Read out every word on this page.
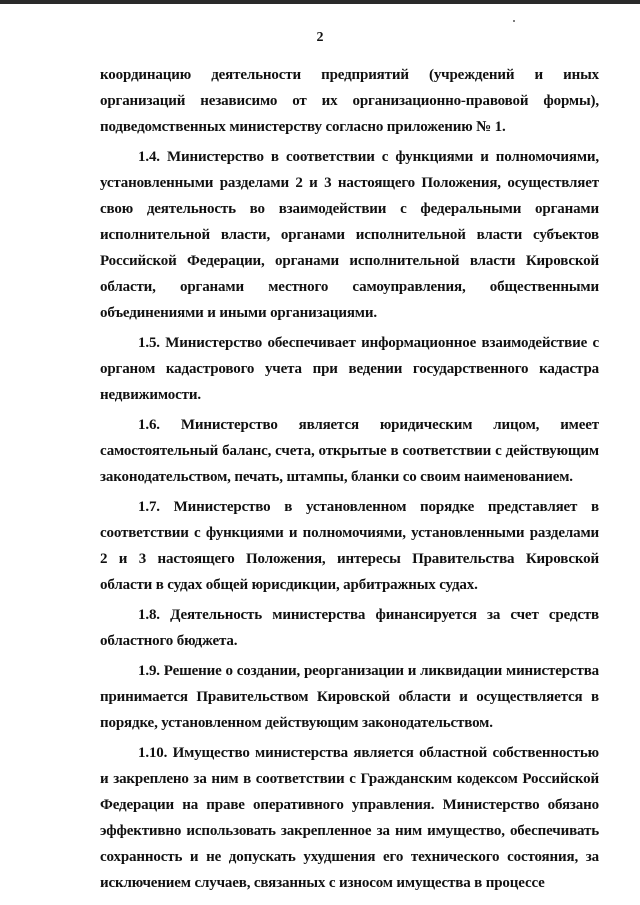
2

координацию деятельности предприятий (учреждений и иных организаций независимо от их организационно-правовой формы), подведомственных министерству согласно приложению № 1.

1.4. Министерство в соответствии с функциями и полномочиями, установленными разделами 2 и 3 настоящего Положения, осуществляет свою деятельность во взаимодействии с федеральными органами исполнительной власти, органами исполнительной власти субъектов Российской Федерации, органами исполнительной власти Кировской области, органами местного самоуправления, общественными объединениями и иными организациями.

1.5. Министерство обеспечивает информационное взаимодействие с органом кадастрового учета при ведении государственного кадастра недвижимости.

1.6. Министерство является юридическим лицом, имеет самостоятельный баланс, счета, открытые в соответствии с действующим законодательством, печать, штампы, бланки со своим наименованием.

1.7. Министерство в установленном порядке представляет в соответствии с функциями и полномочиями, установленными разделами 2 и 3 настоящего Положения, интересы Правительства Кировской области в судах общей юрисдикции, арбитражных судах.

1.8. Деятельность министерства финансируется за счет средств областного бюджета.

1.9. Решение о создании, реорганизации и ликвидации министерства принимается Правительством Кировской области и осуществляется в порядке, установленном действующим законодательством.

1.10. Имущество министерства является областной собственностью и закреплено за ним в соответствии с Гражданским кодексом Российской Федерации на праве оперативного управления. Министерство обязано эффективно использовать закрепленное за ним имущество, обеспечивать сохранность и не допускать ухудшения его технического состояния, за исключением случаев, связанных с износом имущества в процессе
